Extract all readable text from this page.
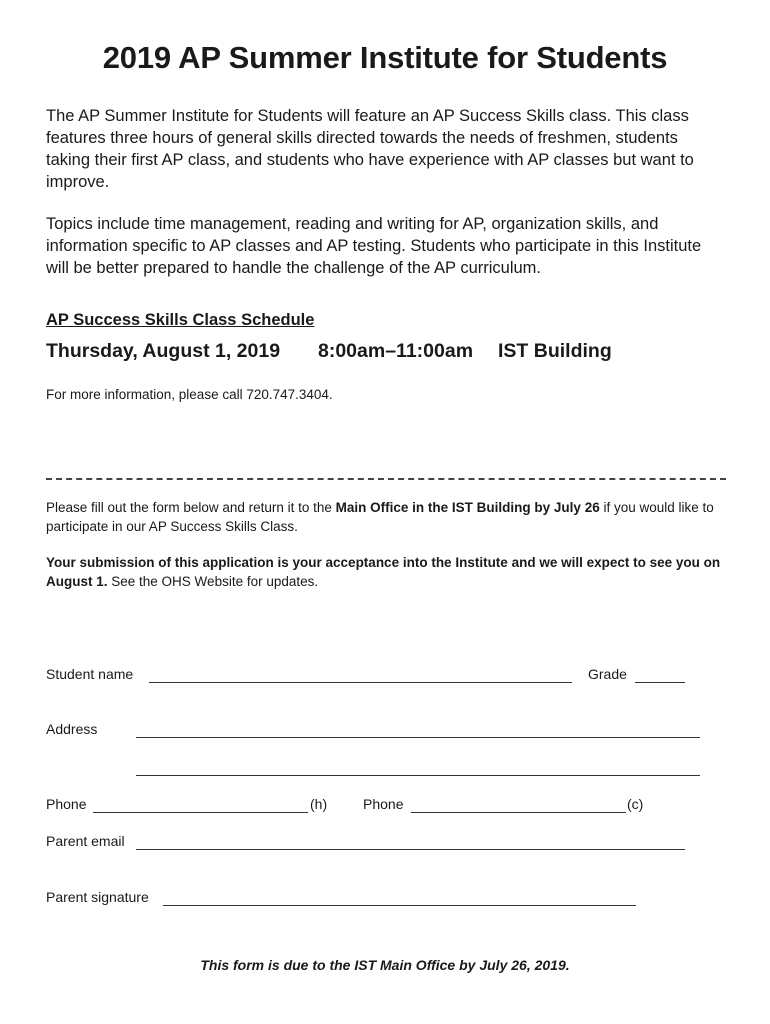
2019 AP Summer Institute for Students
The AP Summer Institute for Students will feature an AP Success Skills class. This class features three hours of general skills directed towards the needs of freshmen, students taking their first AP class, and students who have experience with AP classes but want to improve.
Topics include time management, reading and writing for AP, organization skills, and information specific to AP classes and AP testing. Students who participate in this Institute will be better prepared to handle the challenge of the AP curriculum.
AP Success Skills Class Schedule
Thursday, August 1, 2019 8:00am–11:00am IST Building
For more information, please call 720.747.3404.
Please fill out the form below and return it to the Main Office in the IST Building by July 26 if you would like to participate in our AP Success Skills Class.
Your submission of this application is your acceptance into the Institute and we will expect to see you on August 1. See the OHS Website for updates.
Student name	Grade
Address
Phone	(h)	Phone	(c)
Parent email
Parent signature
This form is due to the IST Main Office by July 26, 2019.
